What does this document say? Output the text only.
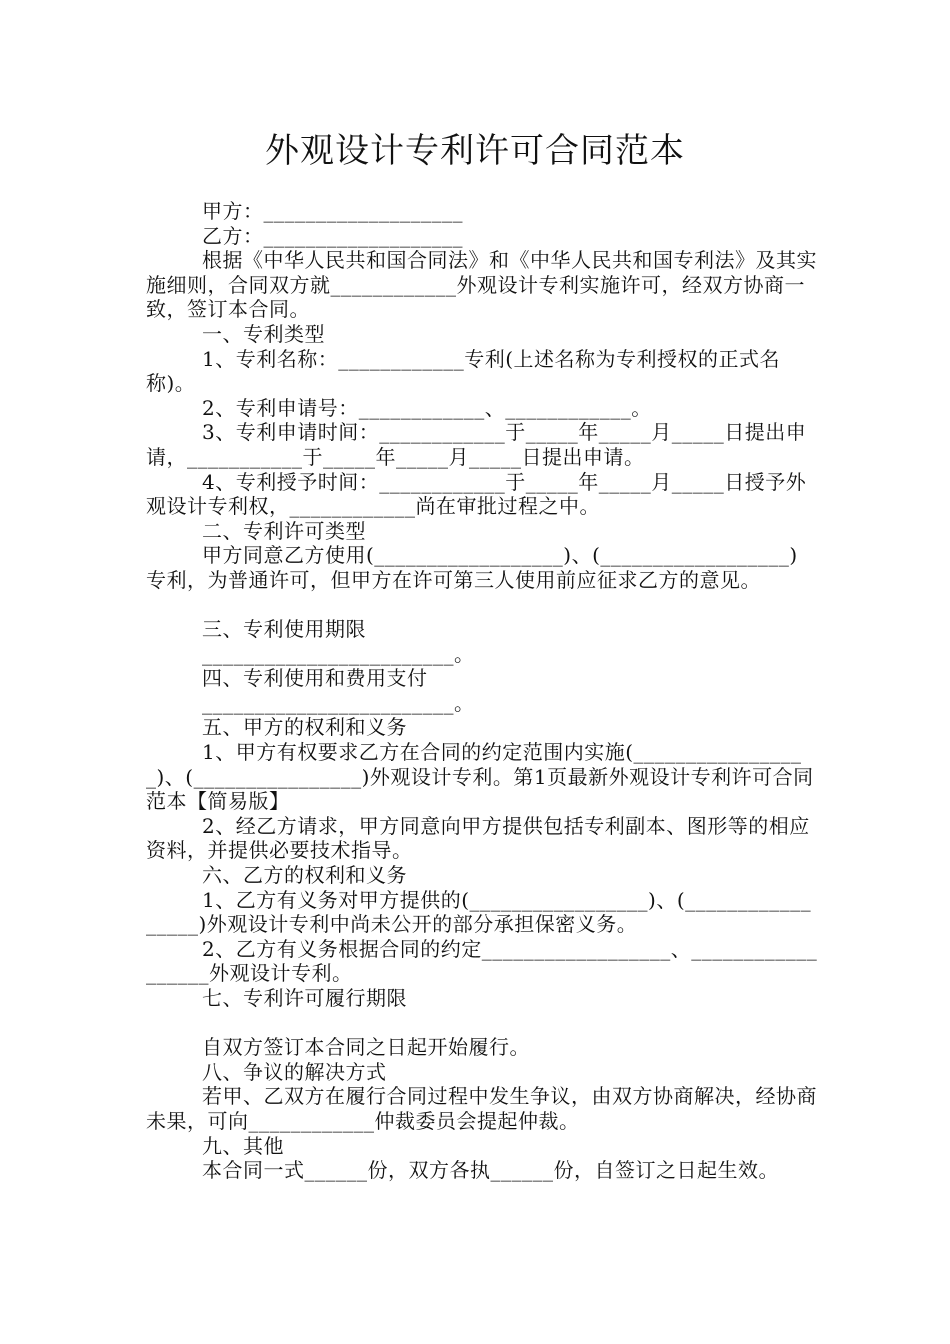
外观设计专利许可合同范本

甲方：___________________

乙方：___________________

根据《中华人民共和国合同法》和《中华人民共和国专利法》及其实施细则，合同双方就____________外观设计专利实施许可，经双方协商一致，签订本合同。

一、专利类型

1、专利名称：____________专利(上述名称为专利授权的正式名称)。

2、专利申请号：____________、____________。

3、专利申请时间：____________于_____年_____月_____日提出申请，___________于_____年_____月_____日提出申请。

4、专利授予时间：____________于_____年_____月_____日授予外观设计专利权，____________尚在审批过程之中。

二、专利许可类型

甲方同意乙方使用(__________________)、(__________________)专利，为普通许可，但甲方在许可第三人使用前应征求乙方的意见。

三、专利使用期限

________________________。

四、专利使用和费用支付

________________________。

五、甲方的权利和义务

1、甲方有权要求乙方在合同的约定范围内实施(_________________)、(________________)外观设计专利。第1页最新外观设计专利许可合同范本【简易版】

2、经乙方请求，甲方同意向甲方提供包括专利副本、图形等的相应资料，并提供必要技术指导。

六、乙方的权利和义务

1、乙方有义务对甲方提供的(_________________)、(_________________)外观设计专利中尚未公开的部分承担保密义务。

2、乙方有义务根据合同的约定__________________、__________________外观设计专利。

七、专利许可履行期限

自双方签订本合同之日起开始履行。

八、争议的解决方式

若甲、乙双方在履行合同过程中发生争议，由双方协商解决，经协商未果，可向____________仲裁委员会提起仲裁。

九、其他

本合同一式______份，双方各执______份，自签订之日起生效。
